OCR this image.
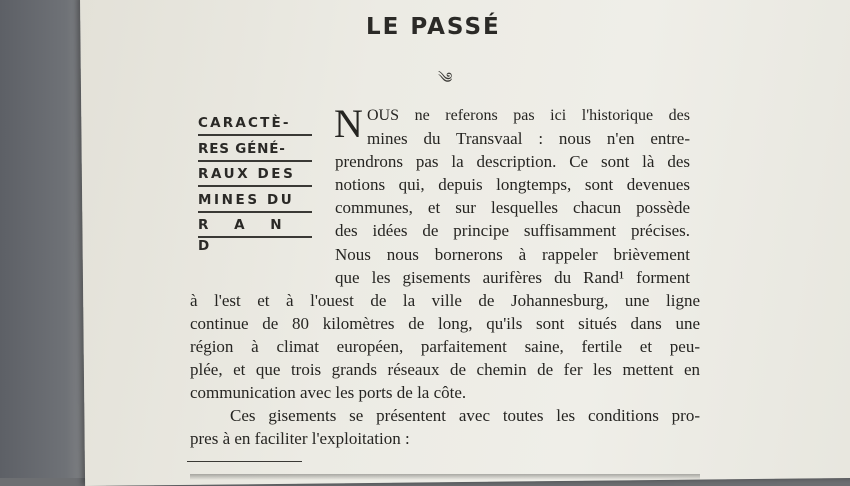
LE PASSÉ
༄
CARACTÈ-
RES GÉNÉ-
RAUX DES
MINES DU
R A N D
N OUS ne referons pas ici l'historique des
mines du Transvaal : nous n'en entre-
prendrons pas la description. Ce sont là des
notions qui, depuis longtemps, sont devenues
communes, et sur lesquelles chacun possède
des idées de principe suffisamment précises.
Nous nous bornerons à rappeler brièvement
que les gisements aurifères du Rand¹ forment
à l'est et à l'ouest de la ville de Johannesburg, une ligne
continue de 80 kilomètres de long, qu'ils sont situés dans une
région à climat européen, parfaitement saine, fertile et peu-
plée, et que trois grands réseaux de chemin de fer les mettent en
communication avec les ports de la côte.
Ces gisements se présentent avec toutes les conditions pro-
pres à en faciliter l'exploitation :
